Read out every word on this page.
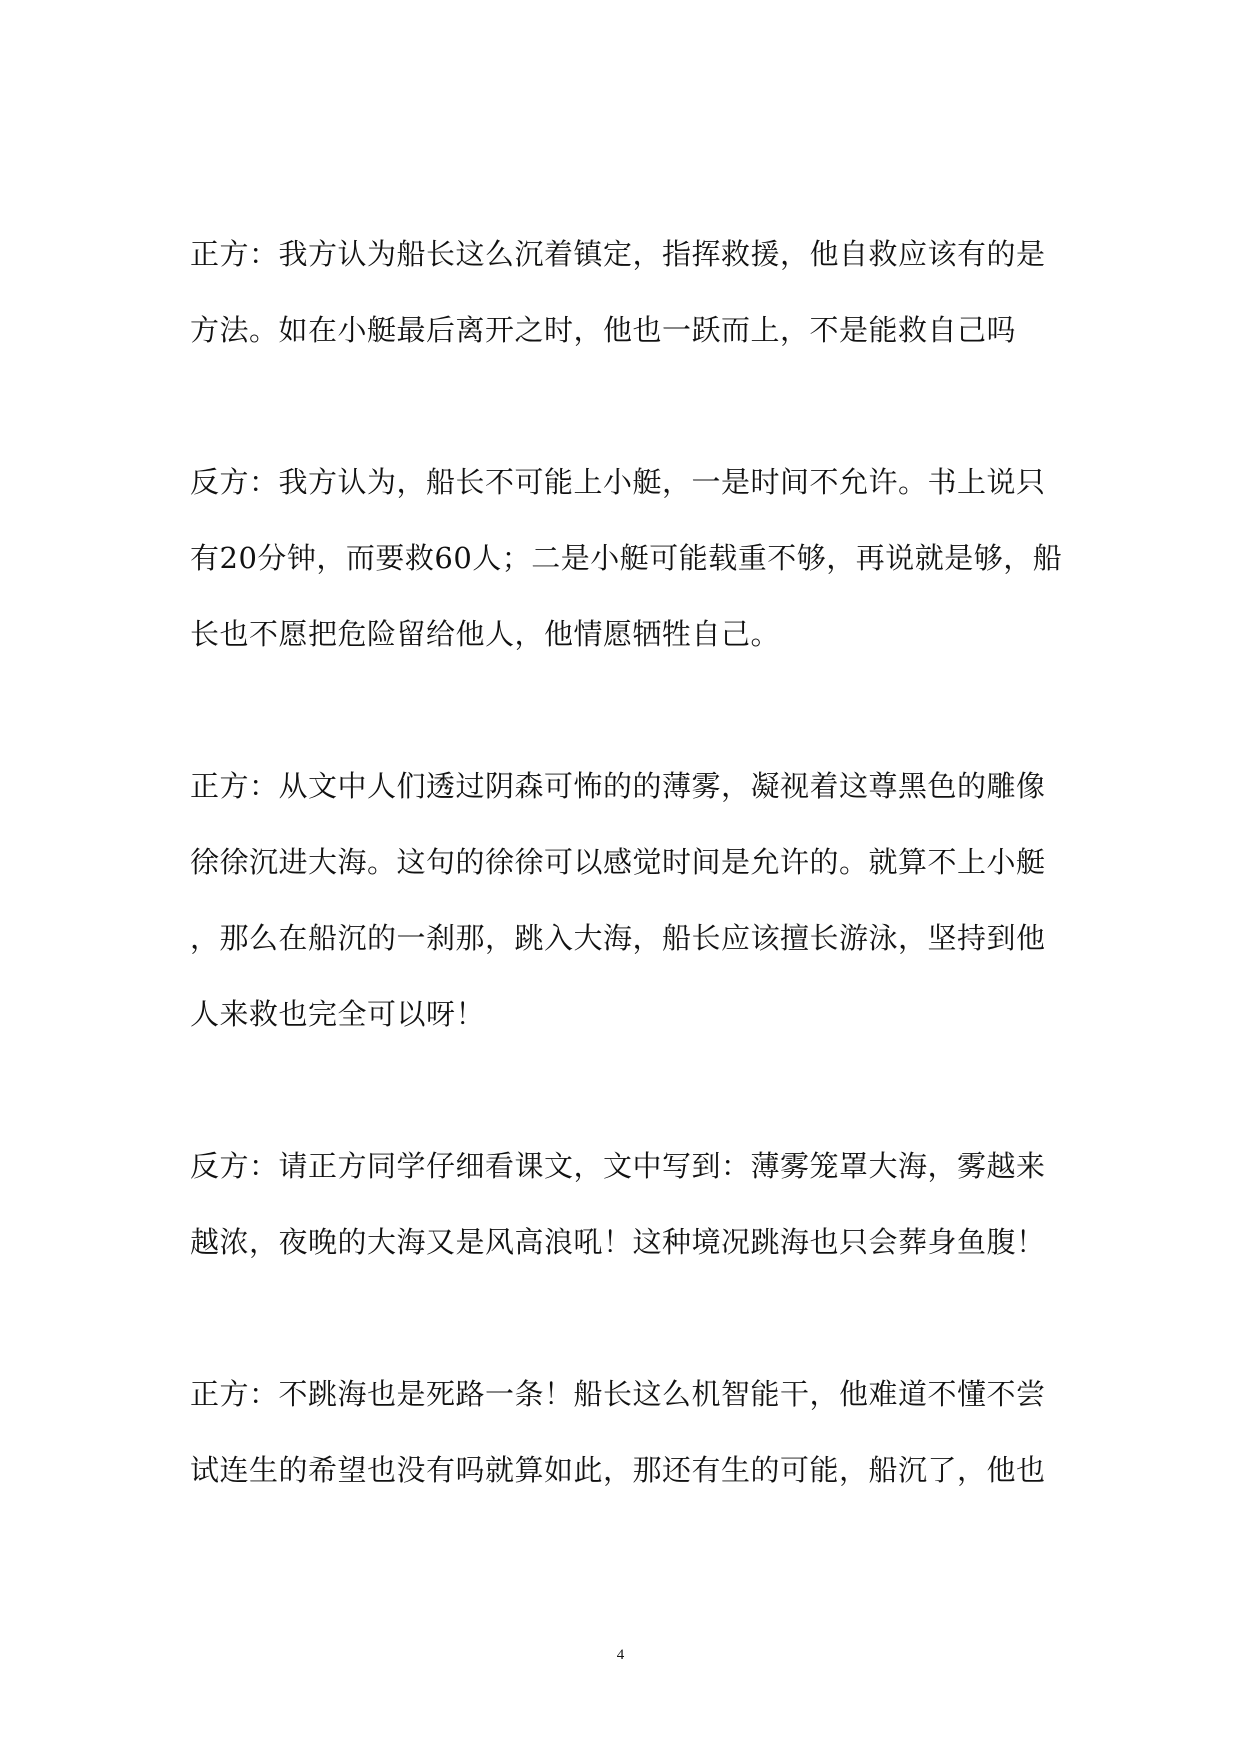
正方：我方认为船长这么沉着镇定，指挥救援，他自救应该有的是
方法。如在小艇最后离开之时，他也一跃而上，不是能救自己吗
反方：我方认为，船长不可能上小艇，一是时间不允许。书上说只
有20分钟，而要救60人；二是小艇可能载重不够，再说就是够，船
长也不愿把危险留给他人，他情愿牺牲自己。
正方：从文中人们透过阴森可怖的的薄雾，凝视着这尊黑色的雕像
徐徐沉进大海。这句的徐徐可以感觉时间是允许的。就算不上小艇
，那么在船沉的一刹那，跳入大海，船长应该擅长游泳，坚持到他
人来救也完全可以呀！
反方：请正方同学仔细看课文，文中写到：薄雾笼罩大海，雾越来
越浓，夜晚的大海又是风高浪吼！这种境况跳海也只会葬身鱼腹！
正方：不跳海也是死路一条！船长这么机智能干，他难道不懂不尝
试连生的希望也没有吗就算如此，那还有生的可能，船沉了，他也
4
